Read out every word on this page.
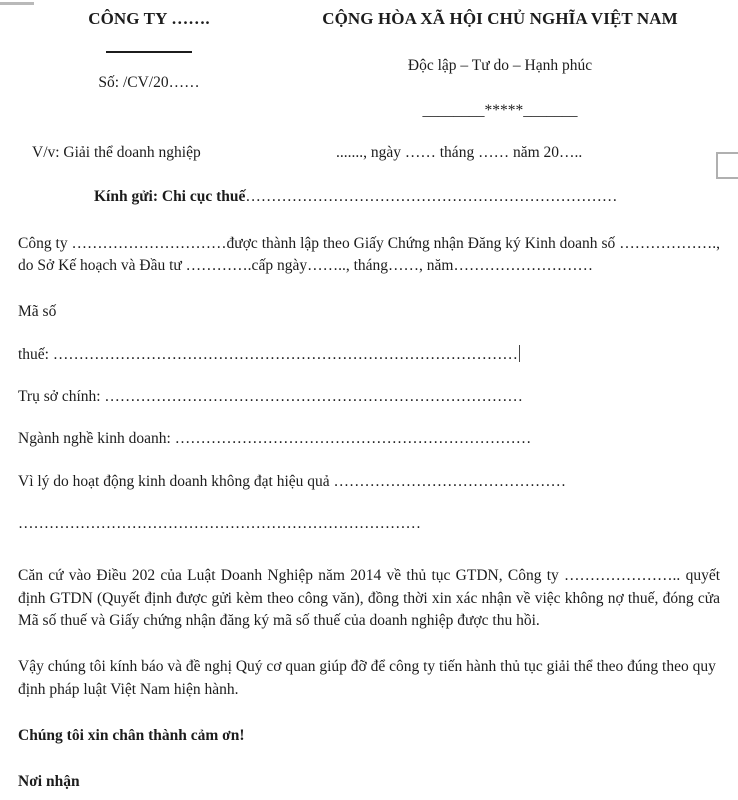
CÔNG TY …….
Số: /CV/20……
CỘNG HÒA XÃ HỘI CHỦ NGHĨA VIỆT NAM
Độc lập – Tư do – Hạnh phúc
________*****_______
V/v: Giải thể doanh nghiệp	......., ngày …… tháng …… năm 20…..
Kính gửi: Chi cục thuế………………………………………………………………

Công ty …………………………được thành lập theo Giấy Chứng nhận Đăng ký Kinh doanh số ………………., do Sở Kế hoạch và Đầu tư ………….cấp ngày…….., tháng……, năm………………………

Mã số

thuế: ………………………………………………………………………………

Trụ sở chính: ………………………………………………………………………

Ngành nghề kinh doanh: ……………………………………………………………

Vì lý do hoạt động kinh doanh không đạt hiệu quả ………………………………………

……………………………………………………………………

Căn cứ vào Điều 202 của Luật Doanh Nghiệp năm 2014 về thủ tục GTDN, Công ty ………………….. quyết định GTDN (Quyết định được gửi kèm theo công văn), đồng thời xin xác nhận về việc không nợ thuế, đóng cửa Mã số thuế và Giấy chứng nhận đăng ký mã số thuế của doanh nghiệp được thu hồi.

Vậy chúng tôi kính báo và đề nghị Quý cơ quan giúp đỡ để công ty tiến hành thủ tục giải thể theo đúng theo quy định pháp luật Việt Nam hiện hành.

Chúng tôi xin chân thành cảm ơn!

Nơi nhận
